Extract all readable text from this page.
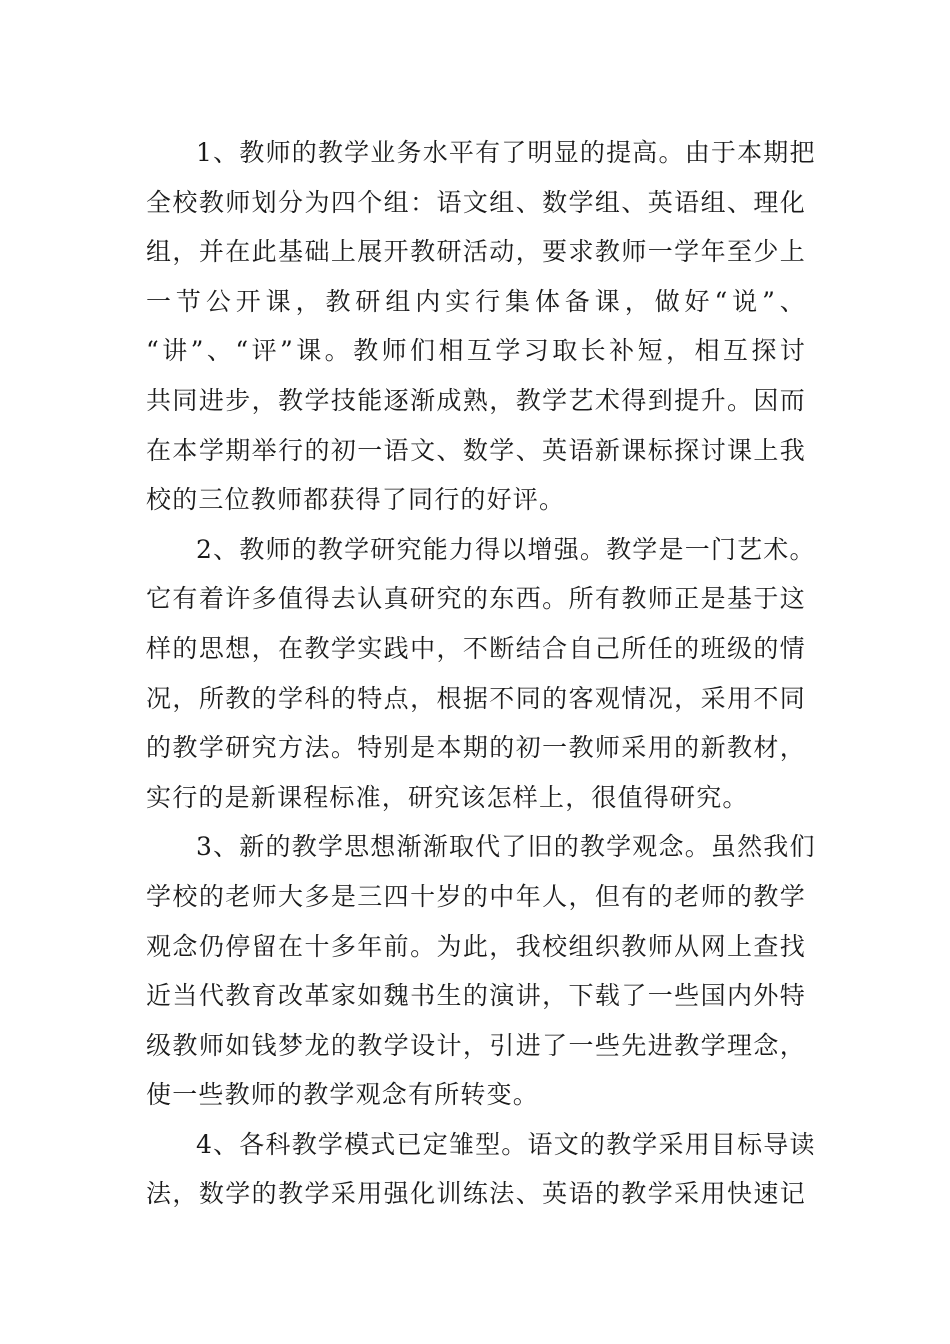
1、教师的教学业务水平有了明显的提高。由于本期把
全校教师划分为四个组：语文组、数学组、英语组、理化
组，并在此基础上展开教研活动，要求教师一学年至少上
一节公开课，教研组内实行集体备课，做好“说”、
“讲”、“评”课。教师们相互学习取长补短，相互探讨
共同进步，教学技能逐渐成熟，教学艺术得到提升。因而
在本学期举行的初一语文、数学、英语新课标探讨课上我
校的三位教师都获得了同行的好评。
2、教师的教学研究能力得以增强。教学是一门艺术。
它有着许多值得去认真研究的东西。所有教师正是基于这
样的思想，在教学实践中，不断结合自己所任的班级的情
况，所教的学科的特点，根据不同的客观情况，采用不同
的教学研究方法。特别是本期的初一教师采用的新教材，
实行的是新课程标准，研究该怎样上，很值得研究。
3、新的教学思想渐渐取代了旧的教学观念。虽然我们
学校的老师大多是三四十岁的中年人，但有的老师的教学
观念仍停留在十多年前。为此，我校组织教师从网上查找
近当代教育改革家如魏书生的演讲，下载了一些国内外特
级教师如钱梦龙的教学设计，引进了一些先进教学理念，
使一些教师的教学观念有所转变。
4、各科教学模式已定雏型。语文的教学采用目标导读
法，数学的教学采用强化训练法、英语的教学采用快速记
